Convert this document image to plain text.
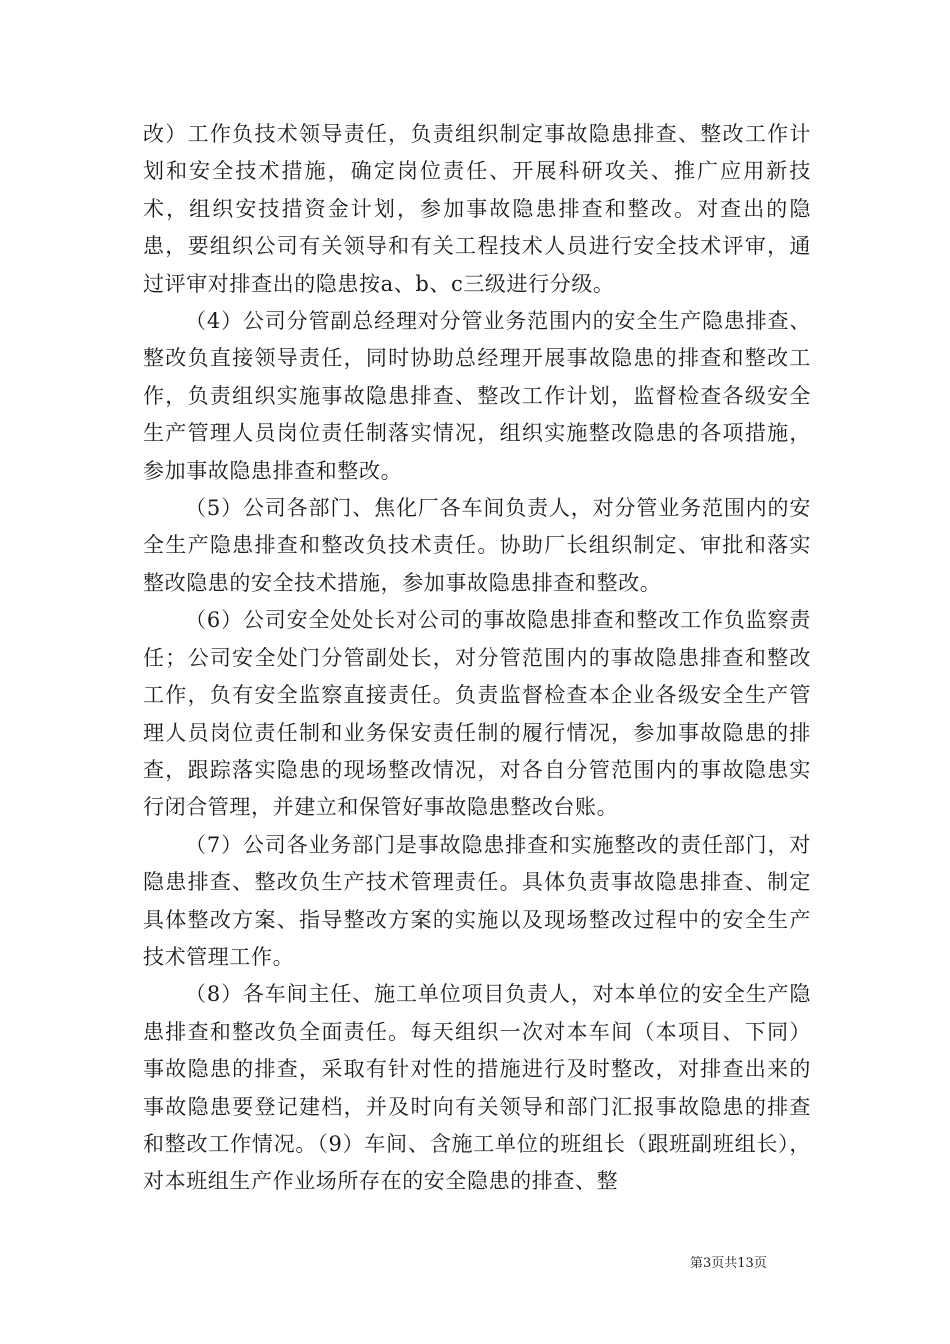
改）工作负技术领导责任，负责组织制定事故隐患排查、整改工作计划和安全技术措施，确定岗位责任、开展科研攻关、推广应用新技术，组织安技措资金计划，参加事故隐患排查和整改。对查出的隐患，要组织公司有关领导和有关工程技术人员进行安全技术评审，通过评审对排查出的隐患按a、b、c三级进行分级。

（4）公司分管副总经理对分管业务范围内的安全生产隐患排查、整改负直接领导责任，同时协助总经理开展事故隐患的排查和整改工作，负责组织实施事故隐患排查、整改工作计划，监督检查各级安全生产管理人员岗位责任制落实情况，组织实施整改隐患的各项措施，参加事故隐患排查和整改。

（5）公司各部门、焦化厂各车间负责人，对分管业务范围内的安全生产隐患排查和整改负技术责任。协助厂长组织制定、审批和落实整改隐患的安全技术措施，参加事故隐患排查和整改。

（6）公司安全处处长对公司的事故隐患排查和整改工作负监察责任；公司安全处门分管副处长，对分管范围内的事故隐患排查和整改工作，负有安全监察直接责任。负责监督检查本企业各级安全生产管理人员岗位责任制和业务保安责任制的履行情况，参加事故隐患的排查，跟踪落实隐患的现场整改情况，对各自分管范围内的事故隐患实行闭合管理，并建立和保管好事故隐患整改台账。

（7）公司各业务部门是事故隐患排查和实施整改的责任部门，对隐患排查、整改负生产技术管理责任。具体负责事故隐患排查、制定具体整改方案、指导整改方案的实施以及现场整改过程中的安全生产技术管理工作。

（8）各车间主任、施工单位项目负责人，对本单位的安全生产隐患排查和整改负全面责任。每天组织一次对本车间（本项目、下同）事故隐患的排查，采取有针对性的措施进行及时整改，对排查出来的事故隐患要登记建档，并及时向有关领导和部门汇报事故隐患的排查和整改工作情况。（9）车间、含施工单位的班组长（跟班副班组长），对本班组生产作业场所存在的安全隐患的排查、整

第3页共13页
